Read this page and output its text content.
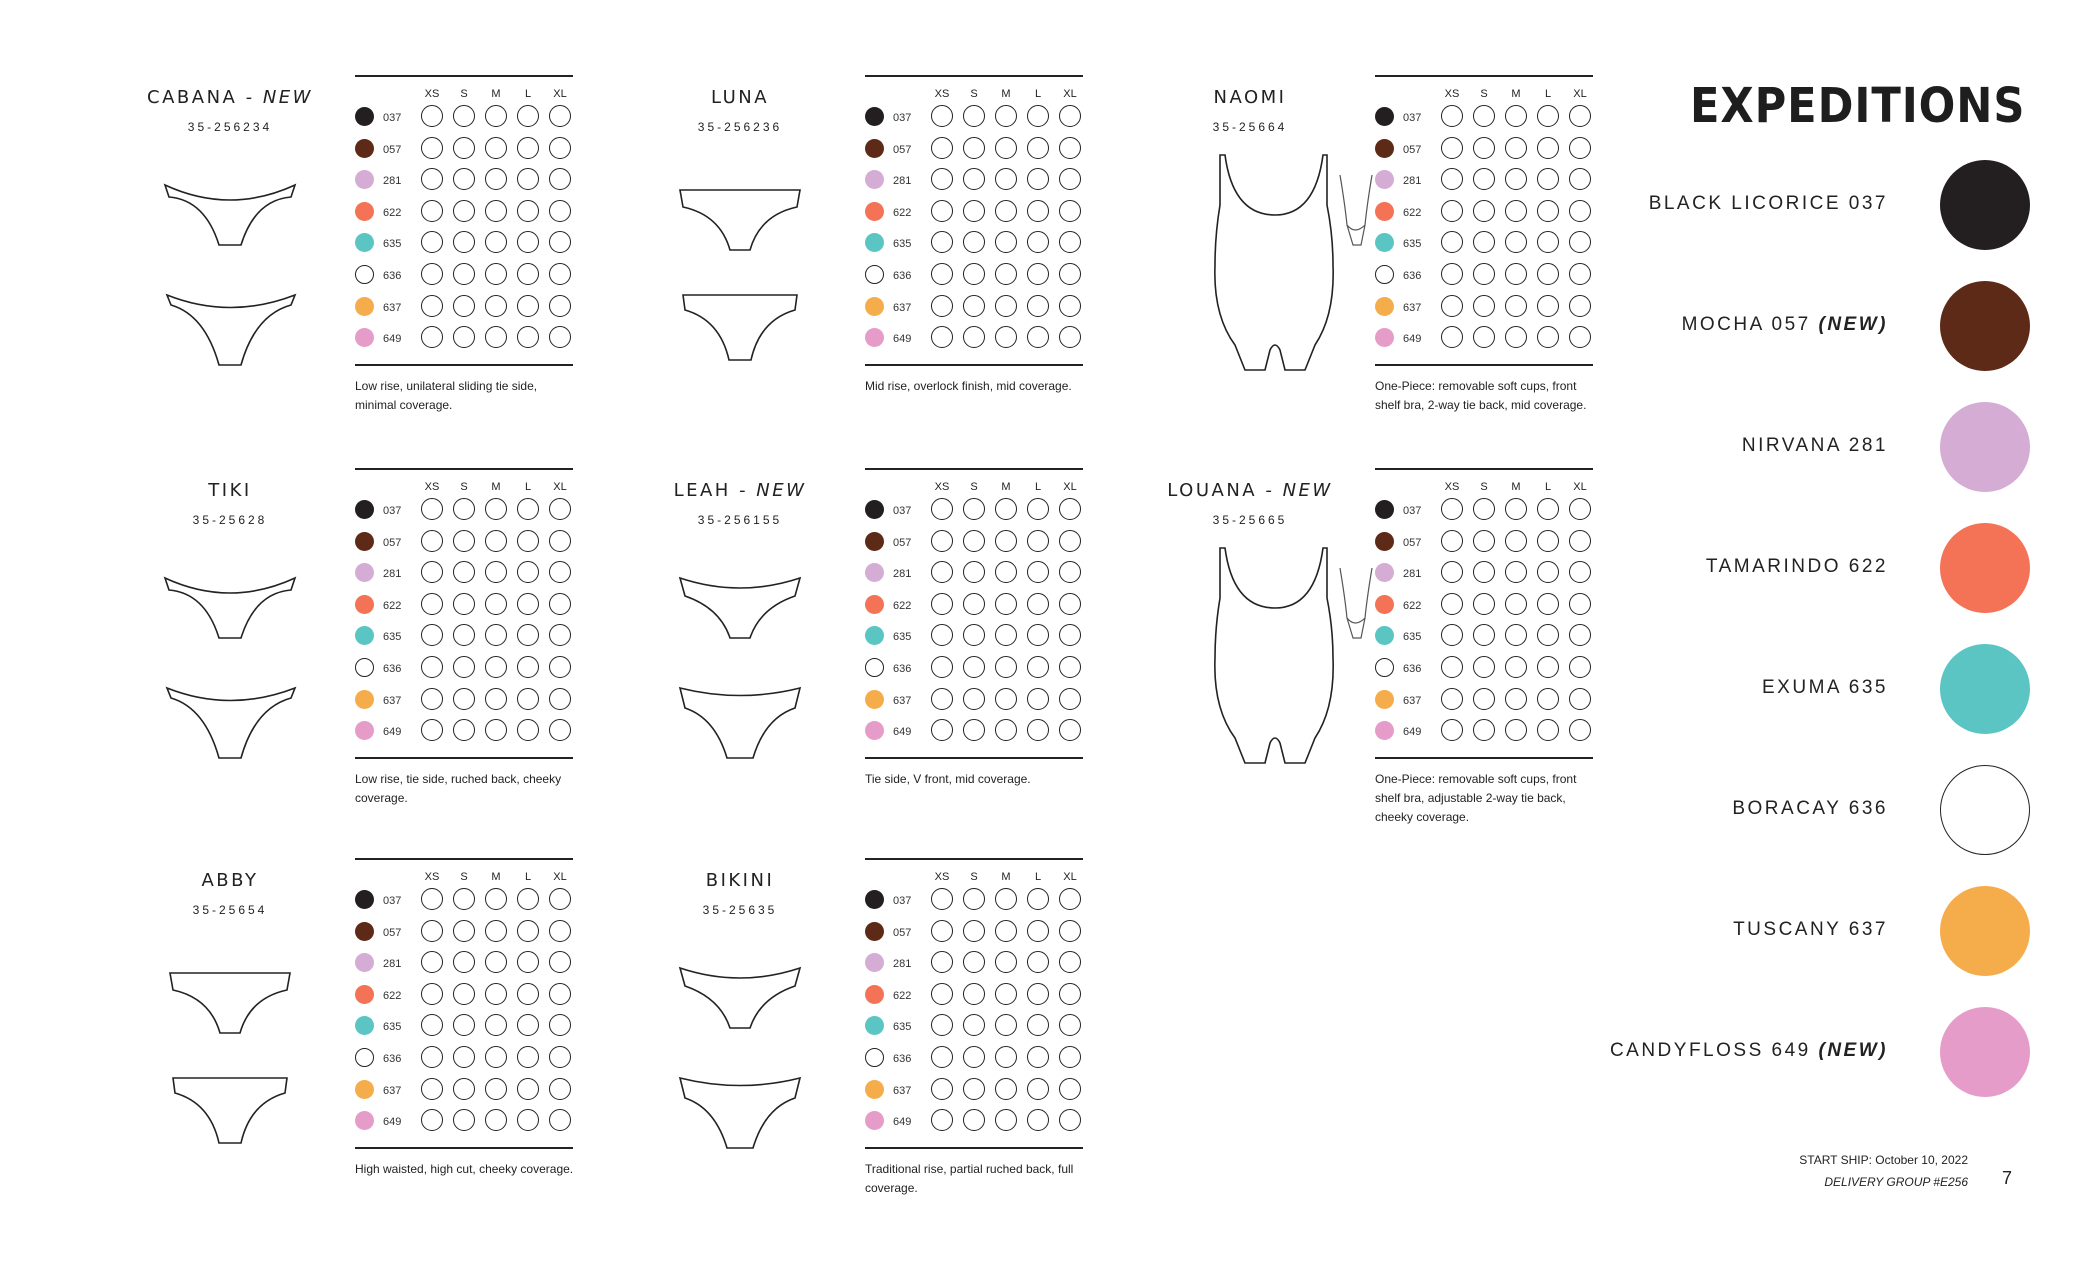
CABANA - NEW
35-256234
XS	S	M	L	XL
037
057
281
622
635
636
637
649
Low rise, unilateral sliding tie side, minimal coverage.
LUNA
35-256236
XS	S	M	L	XL
037
057
281
622
635
636
637
649
Mid rise, overlock finish, mid coverage.
NAOMI
35-25664
XS	S	M	L	XL
037
057
281
622
635
636
637
649
One-Piece: removable soft cups, front shelf bra, 2-way tie back, mid coverage.
TIKI
35-25628
XS	S	M	L	XL
037
057
281
622
635
636
637
649
Low rise, tie side, ruched back, cheeky coverage.
LEAH - NEW
35-256155
XS	S	M	L	XL
037
057
281
622
635
636
637
649
Tie side, V front, mid coverage.
LOUANA - NEW
35-25665
XS	S	M	L	XL
037
057
281
622
635
636
637
649
One-Piece: removable soft cups, front shelf bra, adjustable 2-way tie back, cheeky coverage.
ABBY
35-25654
XS	S	M	L	XL
037
057
281
622
635
636
637
649
High waisted, high cut, cheeky coverage.
BIKINI
35-25635
XS	S	M	L	XL
037
057
281
622
635
636
637
649
Traditional rise, partial ruched back, full coverage.
EXPEDITIONS
BLACK LICORICE 037
MOCHA 057 (NEW)
NIRVANA 281
TAMARINDO 622
EXUMA 635
BORACAY 636
TUSCANY 637
CANDYFLOSS 649 (NEW)
START SHIP: October 10, 2022
DELIVERY GROUP #E256 7
